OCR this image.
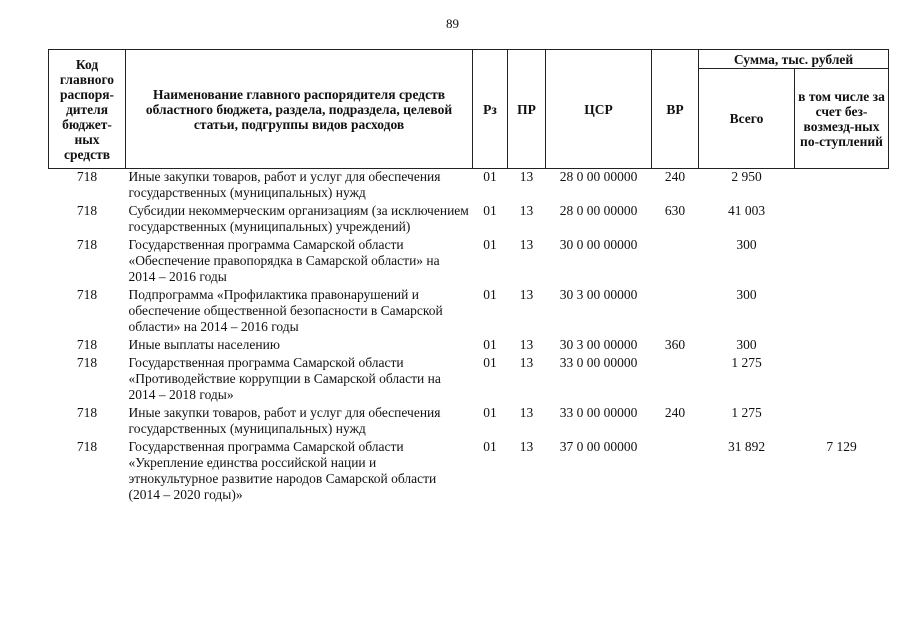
89
Код главного распоря-дителя бюджет-ных средств	Наименование главного распорядителя средств областного бюджета, раздела, подраздела, целевой статьи, подгруппы видов расходов	Рз	ПР	ЦСР	ВР	Сумма, тыс. рублей	
						Всего	в том числе за счет без-возмезд-ных по-ступлений
718	Иные закупки товаров, работ и услуг для обеспечения государственных (муниципальных) нужд	01	13	28 0 00 00000	240	2 950	
718	Субсидии некоммерческим организациям (за исключением государственных (муниципальных) учреждений)	01	13	28 0 00 00000	630	41 003	
718	Государственная программа Самарской области «Обеспечение правопорядка в Самарской области» на 2014 – 2016 годы	01	13	30 0 00 00000		300	
718	Подпрограмма «Профилактика правонарушений и обеспечение общественной безопасности в Самарской области» на 2014 – 2016 годы	01	13	30 3 00 00000		300	
718	Иные выплаты населению	01	13	30 3 00 00000	360	300	
718	Государственная программа Самарской области «Противодействие коррупции в Самарской области на 2014 – 2018 годы»	01	13	33 0 00 00000		1 275	
718	Иные закупки товаров, работ и услуг для обеспечения государственных (муниципальных) нужд	01	13	33 0 00 00000	240	1 275	
718	Государственная программа Самарской области «Укрепление единства российской нации и этнокультурное развитие народов Самарской области (2014 – 2020 годы)»	01	13	37 0 00 00000		31 892	7 129
